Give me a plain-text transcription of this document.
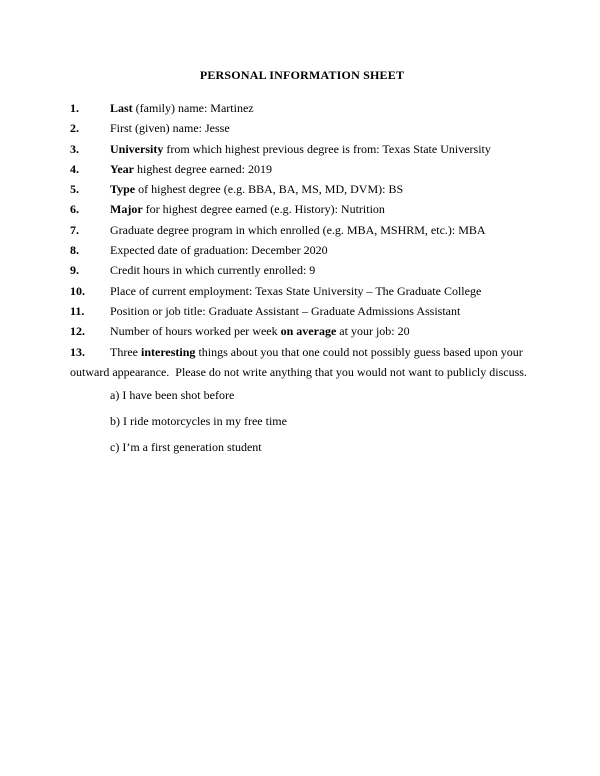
PERSONAL INFORMATION SHEET
1.	Last (family) name: Martinez
2.	First (given) name: Jesse
3.	University from which highest previous degree is from: Texas State University
4.	Year highest degree earned: 2019
5.	Type of highest degree (e.g. BBA, BA, MS, MD, DVM): BS
6.	Major for highest degree earned (e.g. History): Nutrition
7.	Graduate degree program in which enrolled (e.g. MBA, MSHRM, etc.): MBA
8.	Expected date of graduation: December 2020
9.	Credit hours in which currently enrolled: 9
10. Place of current employment: Texas State University – The Graduate College
11. Position or job title: Graduate Assistant – Graduate Admissions Assistant
12. Number of hours worked per week on average at your job: 20
13. Three interesting things about you that one could not possibly guess based upon your outward appearance.  Please do not write anything that you would not want to publicly discuss.
a) I have been shot before
b) I ride motorcycles in my free time
c) I’m a first generation student
